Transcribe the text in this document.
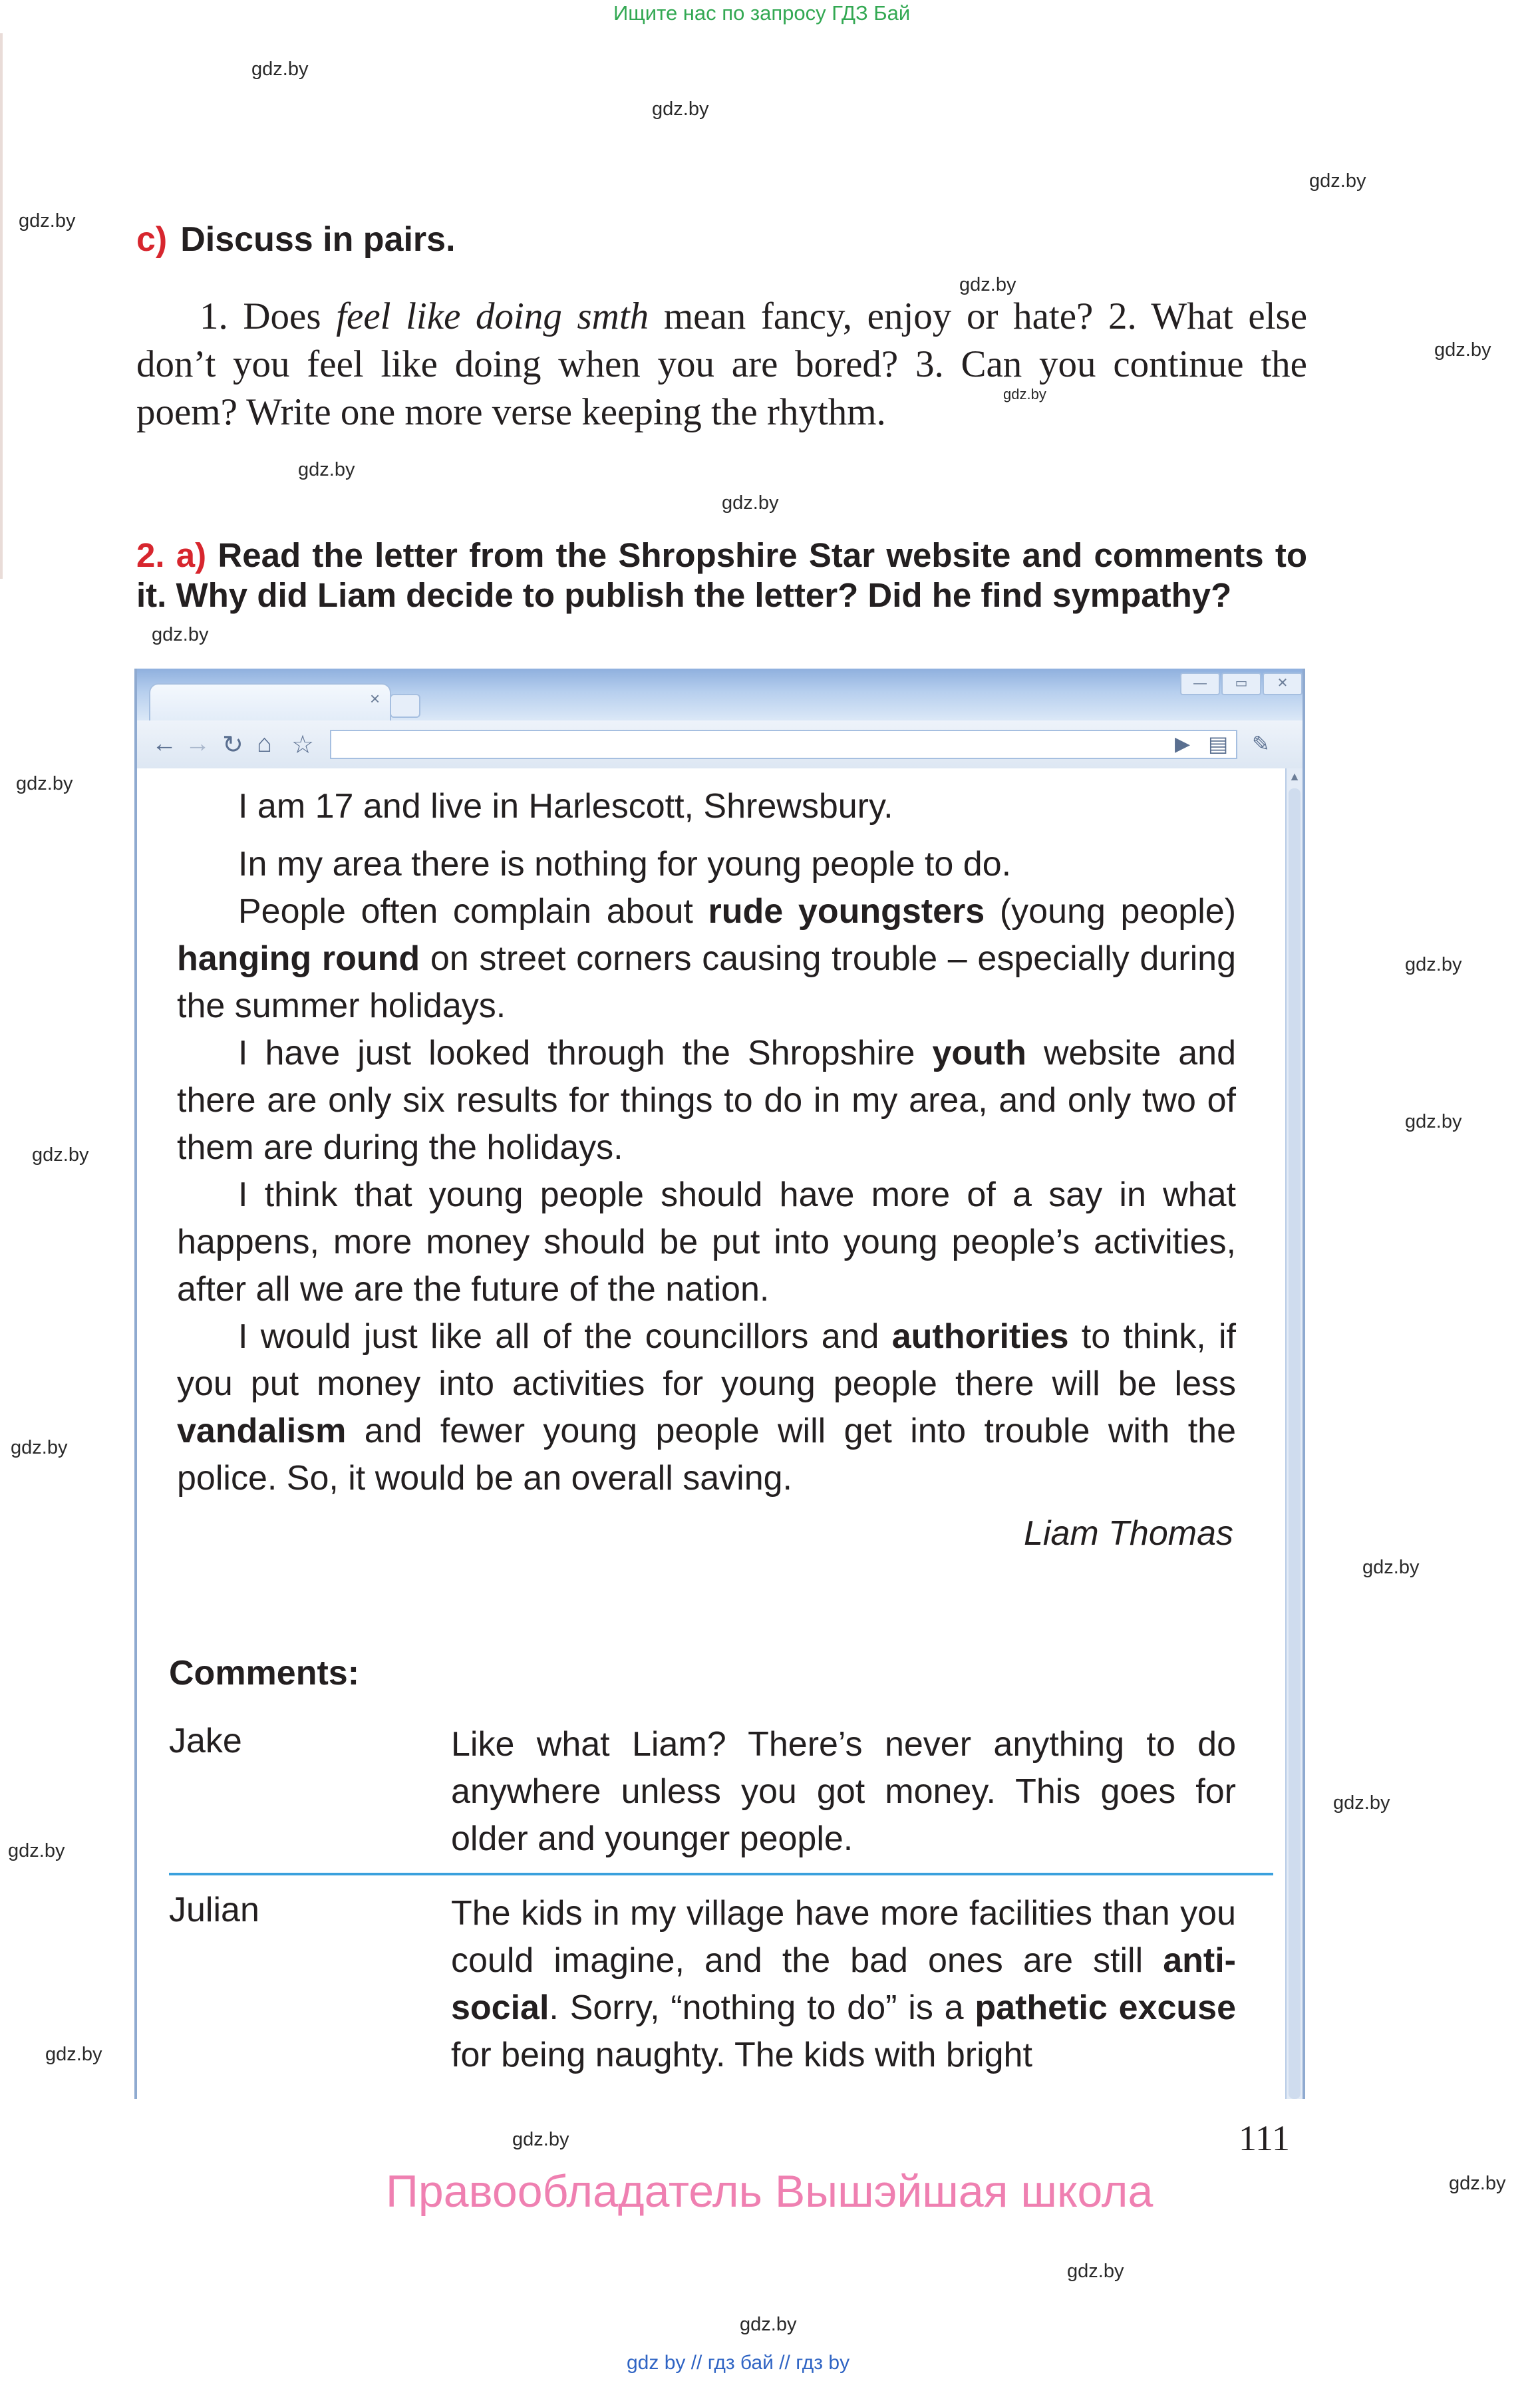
Ищите нас по запросу ГДЗ Бай
gdz.by
gdz.by
gdz.by
gdz.by
gdz.by
gdz.by
gdz.by
gdz.by
gdz.by
gdz.by
gdz.by
gdz.by
gdz.by
gdz.by
gdz.by
gdz.by
gdz.by
gdz.by
gdz.by
gdz.by
gdz.by
gdz.by
gdz.by
c) Discuss in pairs.
1. Does feel like doing smth mean fancy, enjoy or hate? 2. What else don’t you feel like doing when you are bored? 3. Can you continue the poem? Write one more verse keeping the rhythm.
2. a) Read the letter from the Shropshire Star website and comments to it. Why did Liam decide to publish the letter? Did he find sympathy?
×
—	▭	✕
← → ↻ ⌂ ☆	▶ ▤ ✎

I am 17 and live in Harlescott, Shrewsbury.

In my area there is nothing for young people to do.

People often complain about rude youngsters (young people) hanging round on street corners causing trouble – especially during the summer holidays.

I have just looked through the Shropshire youth website and there are only six results for things to do in my area, and only two of them are during the holidays.

I think that young people should have more of a say in what happens, more money should be put into young people’s activities, after all we are the future of the nation.

I would just like all of the councillors and authorities to think, if you put money into activities for young people there will be less vandalism and fewer young people will get into trouble with the police. So, it would be an overall saving.

Liam Thomas
Comments:
Jake	Like what Liam? There’s never anything to do anywhere unless you got money. This goes for older and younger people.
Julian	The kids in my village have more facilities than you could imagine, and the bad ones are still anti-social. Sorry, “nothing to do” is a pathetic excuse for being naughty. The kids with bright
▲
111
Правообладатель Вышэйшая школа
gdz by // гдз бай // гдз by
